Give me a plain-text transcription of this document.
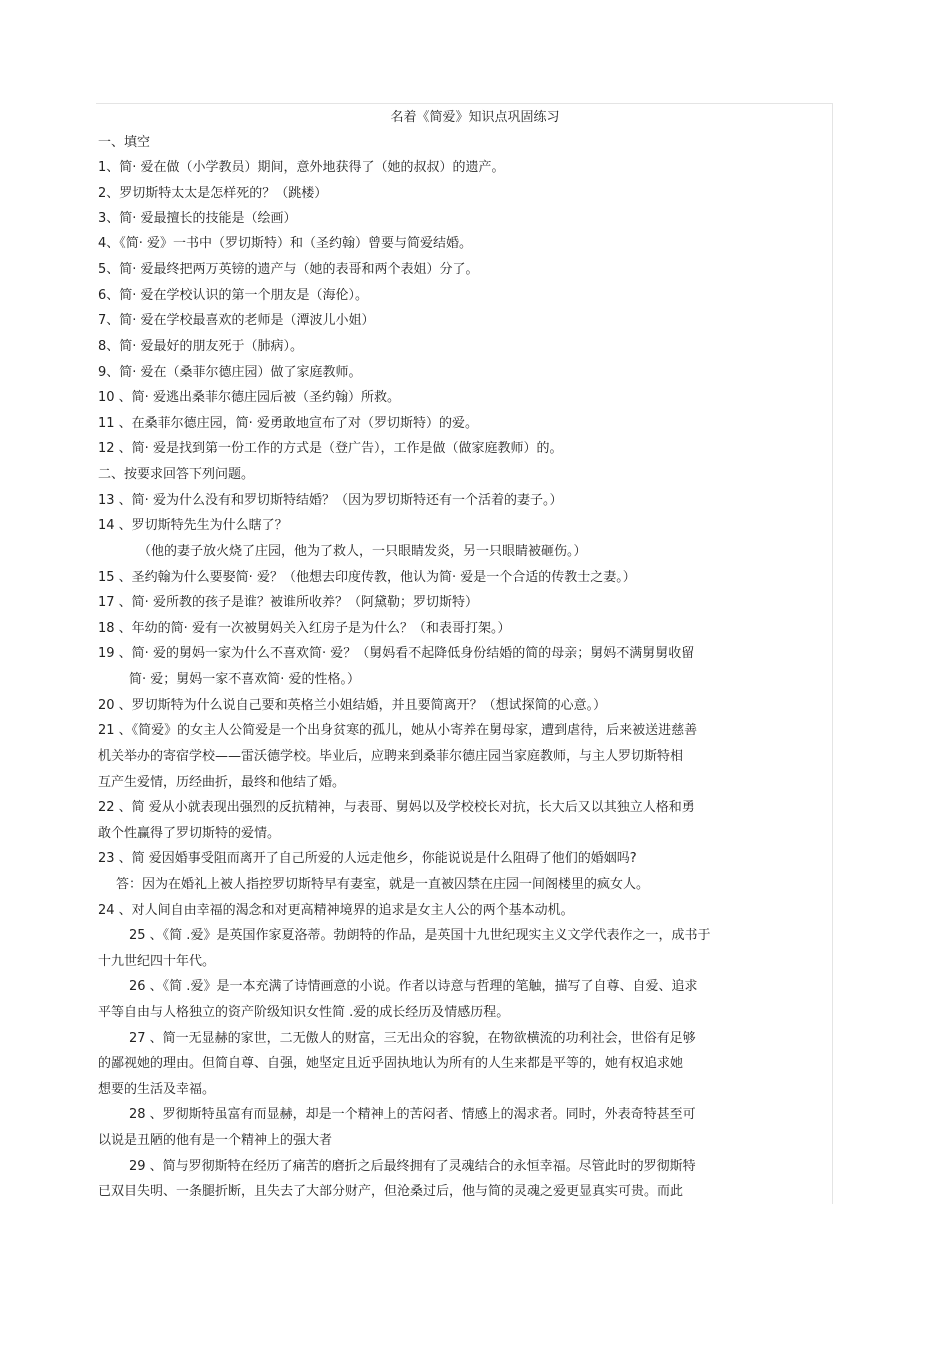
名着《简爱》知识点巩固练习
一、填空
1、简· 爱在做（小学教员）期间，意外地获得了（她的叔叔）的遗产。
2、罗切斯特太太是怎样死的？（跳楼）
3、简· 爱最擅长的技能是（绘画）
4、《简· 爱》一书中（罗切斯特）和（圣约翰）曾要与简爱结婚。
5、简· 爱最终把两万英镑的遗产与（她的表哥和两个表姐）分了。
6、简· 爱在学校认识的第一个朋友是（海伦）。
7、简· 爱在学校最喜欢的老师是（潭波儿小姐）
8、简· 爱最好的朋友死于（肺病）。
9、简· 爱在（桑菲尔德庄园）做了家庭教师。
10 、简· 爱逃出桑菲尔德庄园后被（圣约翰）所救。
11 、在桑菲尔德庄园，简· 爱勇敢地宣布了对（罗切斯特）的爱。
12 、简· 爱是找到第一份工作的方式是（登广告），工作是做（做家庭教师）的。
二、按要求回答下列问题。
13 、简· 爱为什么没有和罗切斯特结婚？（因为罗切斯特还有一个活着的妻子。）
14 、罗切斯特先生为什么瞎了？
（他的妻子放火烧了庄园，他为了救人，一只眼睛发炎，另一只眼睛被砸伤。）
15 、圣约翰为什么要娶简· 爱？（他想去印度传教，他认为简· 爱是一个合适的传教士之妻。）
17 、简· 爱所教的孩子是谁？被谁所收养？（阿黛勒；罗切斯特）
18 、年幼的简· 爱有一次被舅妈关入红房子是为什么？（和表哥打架。）
19 、简· 爱的舅妈一家为什么不喜欢简· 爱？（舅妈看不起降低身份结婚的简的母亲；舅妈不满舅舅收留
简· 爱；舅妈一家不喜欢简· 爱的性格。）
20 、罗切斯特为什么说自己要和英格兰小姐结婚，并且要简离开？（想试探简的心意。）
21 、《简爱》的女主人公简爱是一个出身贫寒的孤儿，她从小寄养在舅母家，遭到虐待，后来被送进慈善
机关举办的寄宿学校——雷沃德学校。毕业后，应聘来到桑菲尔德庄园当家庭教师，与主人罗切斯特相
互产生爱情，历经曲折，最终和他结了婚。
22 、简 爱从小就表现出强烈的反抗精神，与表哥、舅妈以及学校校长对抗，长大后又以其独立人格和勇
敢个性赢得了罗切斯特的爱情。
23 、简 爱因婚事受阻而离开了自己所爱的人远走他乡，你能说说是什么阻碍了他们的婚姻吗?
答：因为在婚礼上被人指控罗切斯特早有妻室，就是一直被囚禁在庄园一间阁楼里的疯女人。
24 、对人间自由幸福的渴念和对更高精神境界的追求是女主人公的两个基本动机。
25 、《简 .爱》是英国作家夏洛蒂。勃朗特的作品，是英国十九世纪现实主义文学代表作之一，成书于
十九世纪四十年代。
26 、《简 .爱》是一本充满了诗情画意的小说。作者以诗意与哲理的笔触，描写了自尊、自爱、追求
平等自由与人格独立的资产阶级知识女性简 .爱的成长经历及情感历程。
27 、简一无显赫的家世，二无傲人的财富，三无出众的容貌，在物欲横流的功利社会，世俗有足够
的鄙视她的理由。但简自尊、自强，她坚定且近乎固执地认为所有的人生来都是平等的，她有权追求她
想要的生活及幸福。
28 、罗彻斯特虽富有而显赫，却是一个精神上的苦闷者、情感上的渴求者。同时，外表奇特甚至可
以说是丑陋的他有是一个精神上的强大者
29 、简与罗彻斯特在经历了痛苦的磨折之后最终拥有了灵魂结合的永恒幸福。尽管此时的罗彻斯特
已双目失明、一条腿折断，且失去了大部分财产，但沧桑过后，他与简的灵魂之爱更显真实可贵。而此
